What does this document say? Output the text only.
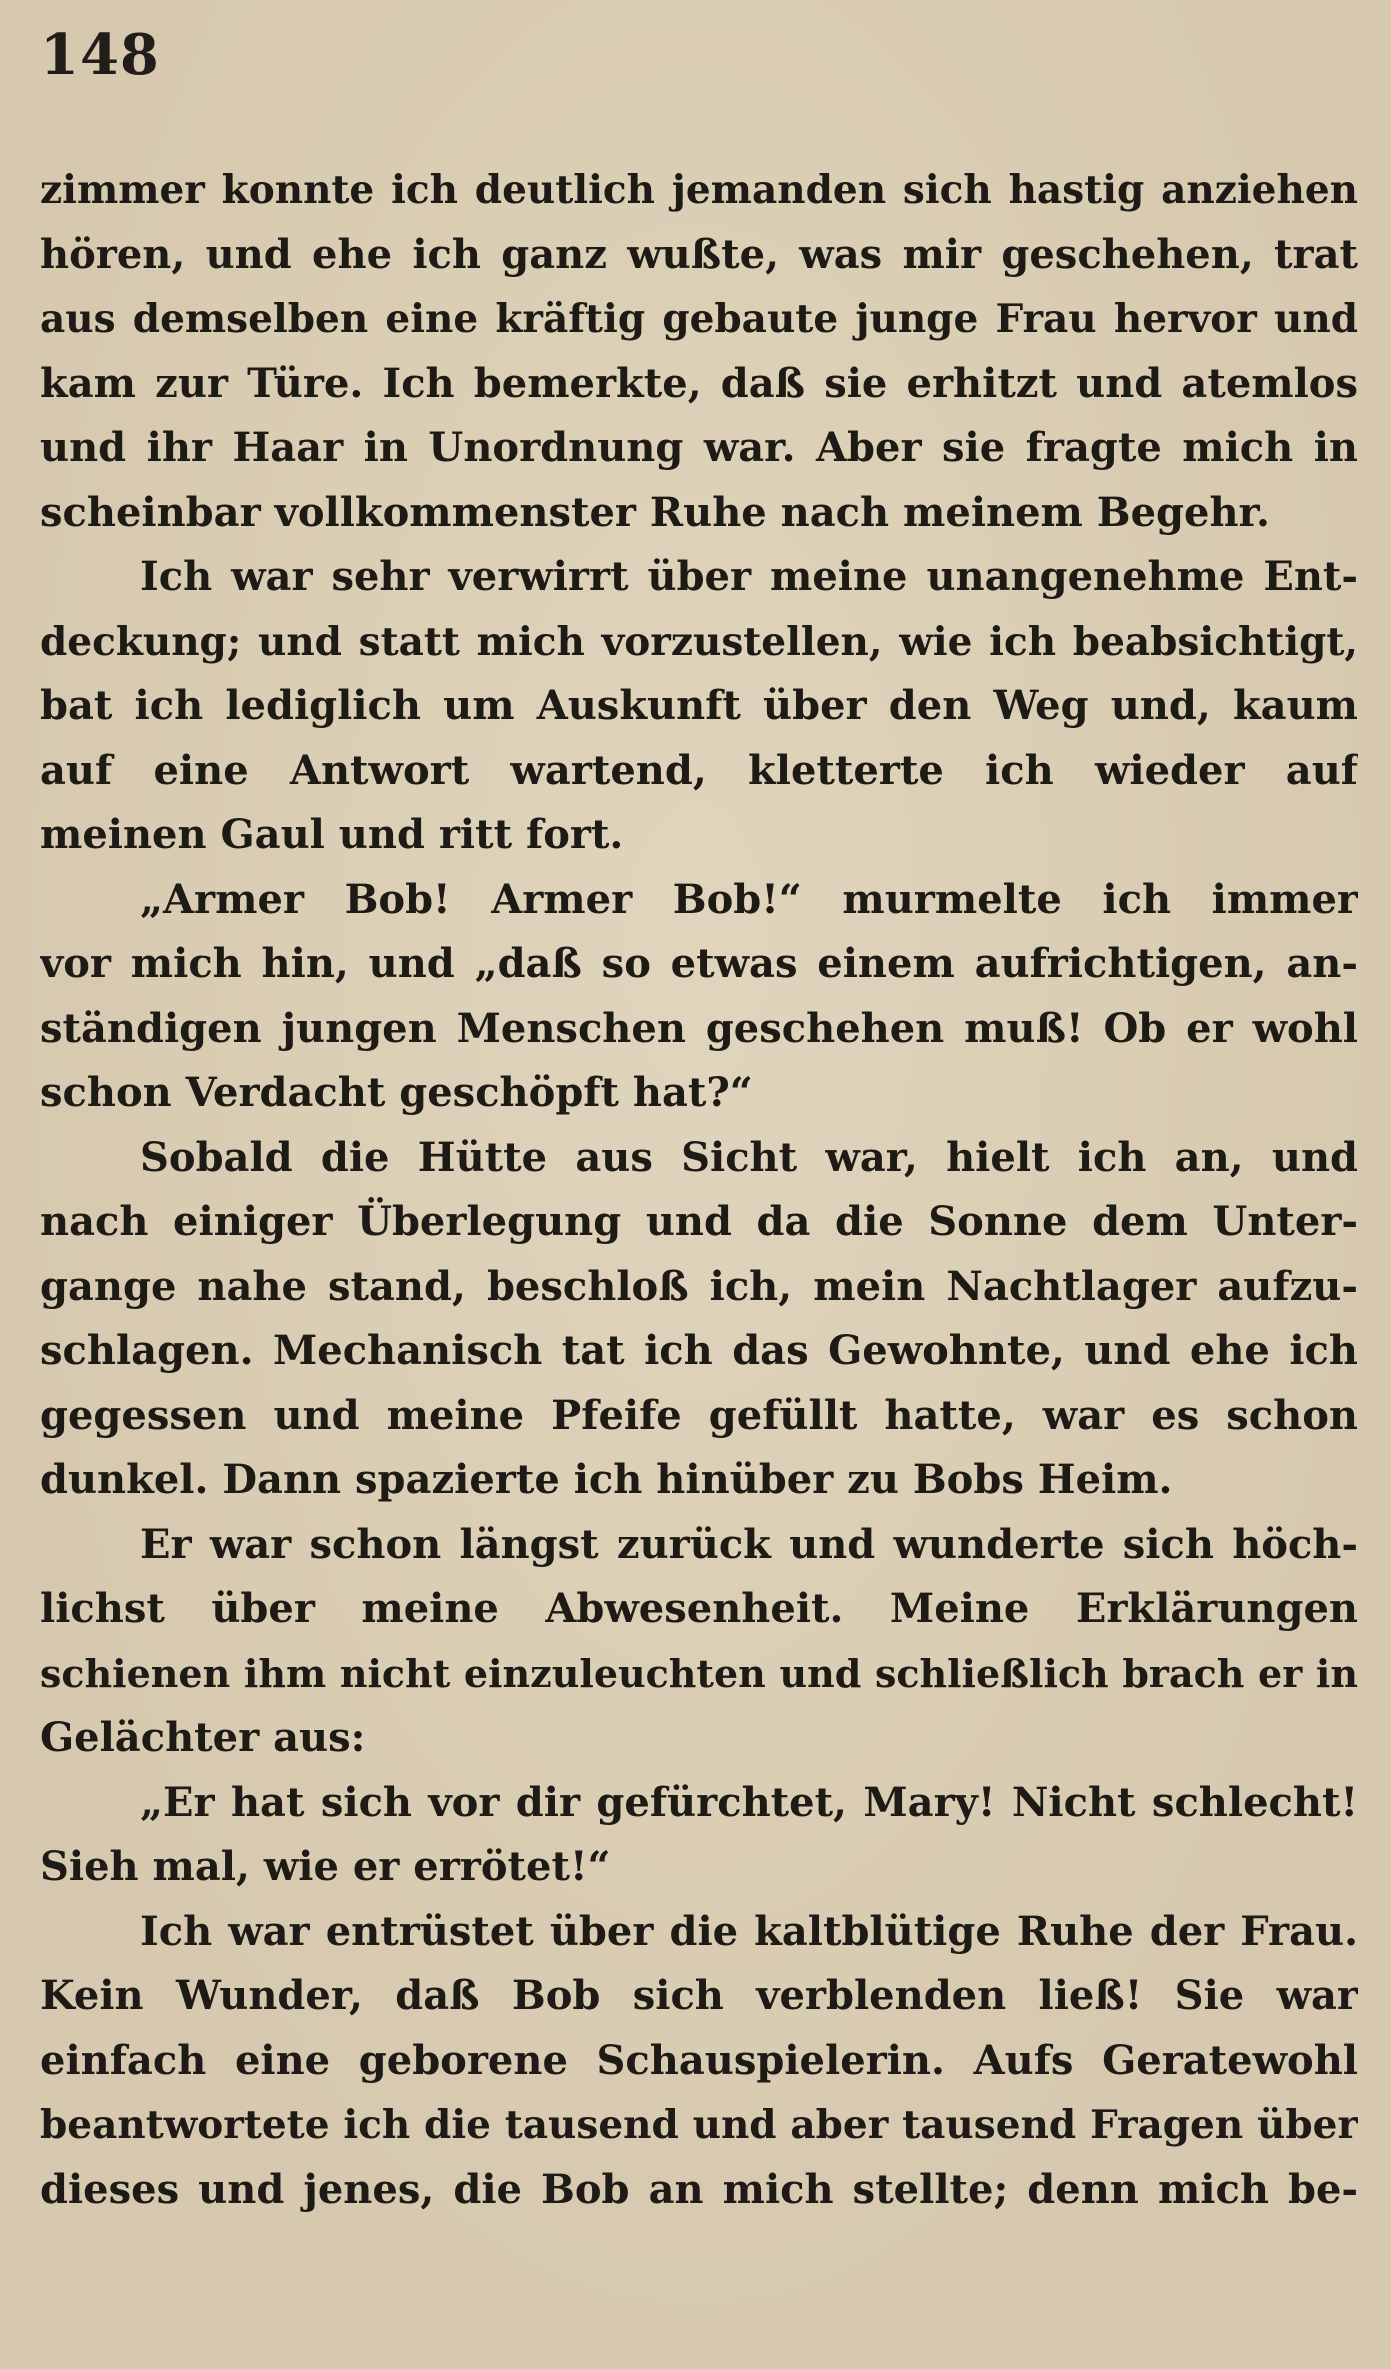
148
zimmer konnte ich deutlich jemanden sich hastig anziehen
hören, und ehe ich ganz wußte, was mir geschehen, trat
aus demselben eine kräftig gebaute junge Frau hervor und
kam zur Türe. Ich bemerkte, daß sie erhitzt und atemlos
und ihr Haar in Unordnung war. Aber sie fragte mich in
scheinbar vollkommenster Ruhe nach meinem Begehr.
Ich war sehr verwirrt über meine unangenehme Ent-
deckung; und statt mich vorzustellen, wie ich beabsichtigt,
bat ich lediglich um Auskunft über den Weg und, kaum
auf eine Antwort wartend, kletterte ich wieder auf
meinen Gaul und ritt fort.
„Armer Bob! Armer Bob!“ murmelte ich immer
vor mich hin, und „daß so etwas einem aufrichtigen, an-
ständigen jungen Menschen geschehen muß! Ob er wohl
schon Verdacht geschöpft hat?“
Sobald die Hütte aus Sicht war, hielt ich an, und
nach einiger Überlegung und da die Sonne dem Unter-
gange nahe stand, beschloß ich, mein Nachtlager aufzu-
schlagen. Mechanisch tat ich das Gewohnte, und ehe ich
gegessen und meine Pfeife gefüllt hatte, war es schon
dunkel. Dann spazierte ich hinüber zu Bobs Heim.
Er war schon längst zurück und wunderte sich höch-
lichst über meine Abwesenheit. Meine Erklärungen
schienen ihm nicht einzuleuchten und schließlich brach er in
Gelächter aus:
„Er hat sich vor dir gefürchtet, Mary! Nicht schlecht!
Sieh mal, wie er errötet!“
Ich war entrüstet über die kaltblütige Ruhe der Frau.
Kein Wunder, daß Bob sich verblenden ließ! Sie war
einfach eine geborene Schauspielerin. Aufs Geratewohl
beantwortete ich die tausend und aber tausend Fragen über
dieses und jenes, die Bob an mich stellte; denn mich be-
